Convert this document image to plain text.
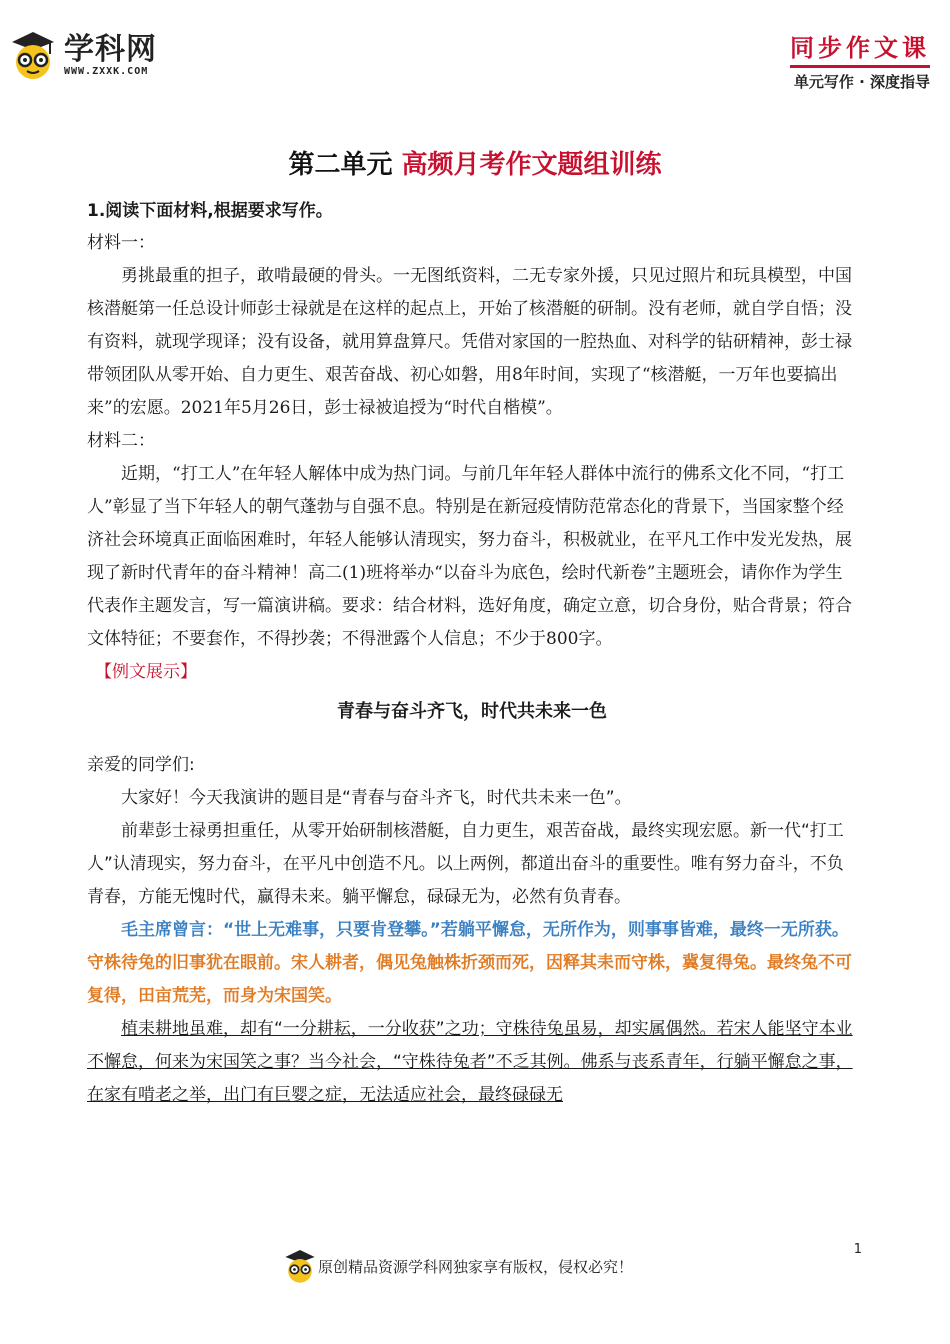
学科网
WWW.ZXXK.COM
同步作文课
单元写作 · 深度指导
第二单元 高频月考作文题组训练

1.阅读下面材料,根据要求写作。

材料一：

勇挑最重的担子，敢啃最硬的骨头。一无图纸资料，二无专家外援，只见过照片和玩具模型，中国核潜艇第一任总设计师彭士禄就是在这样的起点上，开始了核潜艇的研制。没有老师，就自学自悟；没有资料，就现学现译；没有设备，就用算盘算尺。凭借对家国的一腔热血、对科学的钻研精神，彭士禄带领团队从零开始、自力更生、艰苦奋战、初心如磐，用8年时间，实现了“核潜艇，一万年也要搞出来”的宏愿。2021年5月26日，彭士禄被追授为“时代自楷模”。

材料二：

近期，“打工人”在年轻人解体中成为热门词。与前几年年轻人群体中流行的佛系文化不同，“打工人”彰显了当下年轻人的朝气蓬勃与自强不息。特别是在新冠疫情防范常态化的背景下，当国家整个经济社会环境真正面临困难时，年轻人能够认清现实，努力奋斗，积极就业，在平凡工作中发光发热，展现了新时代青年的奋斗精神！高二(1)班将举办“以奋斗为底色，绘时代新卷”主题班会，请你作为学生代表作主题发言，写一篇演讲稿。要求：结合材料，选好角度，确定立意，切合身份，贴合背景；符合文体特征；不要套作，不得抄袭；不得泄露个人信息；不少于800字。

【例文展示】
青春与奋斗齐飞，时代共未来一色

亲爱的同学们:

大家好！今天我演讲的题目是“青春与奋斗齐飞，时代共未来一色”。

前辈彭士禄勇担重任，从零开始研制核潜艇，自力更生，艰苦奋战，最终实现宏愿。新一代“打工人”认清现实，努力奋斗，在平凡中创造不凡。以上两例，都道出奋斗的重要性。唯有努力奋斗，不负青春，方能无愧时代，赢得未来。躺平懈怠，碌碌无为，必然有负青春。

毛主席曾言：“世上无难事，只要肯登攀。”若躺平懈怠，无所作为，则事事皆难，最终一无所获。守株待兔的旧事犹在眼前。宋人耕者，偶见兔触株折颈而死，因释其耒而守株，冀复得兔。最终兔不可复得，田亩荒芜，而身为宋国笑。

植耒耕地虽难，却有“一分耕耘，一分收获”之功；守株待兔虽易，却实属偶然。若宋人能坚守本业不懈怠，何来为宋国笑之事？当今社会，“守株待兔者”不乏其例。佛系与丧系青年，行躺平懈怠之事，在家有啃老之举，出门有巨婴之症，无法适应社会，最终碌碌无

1
原创精品资源学科网独家享有版权，侵权必究！
